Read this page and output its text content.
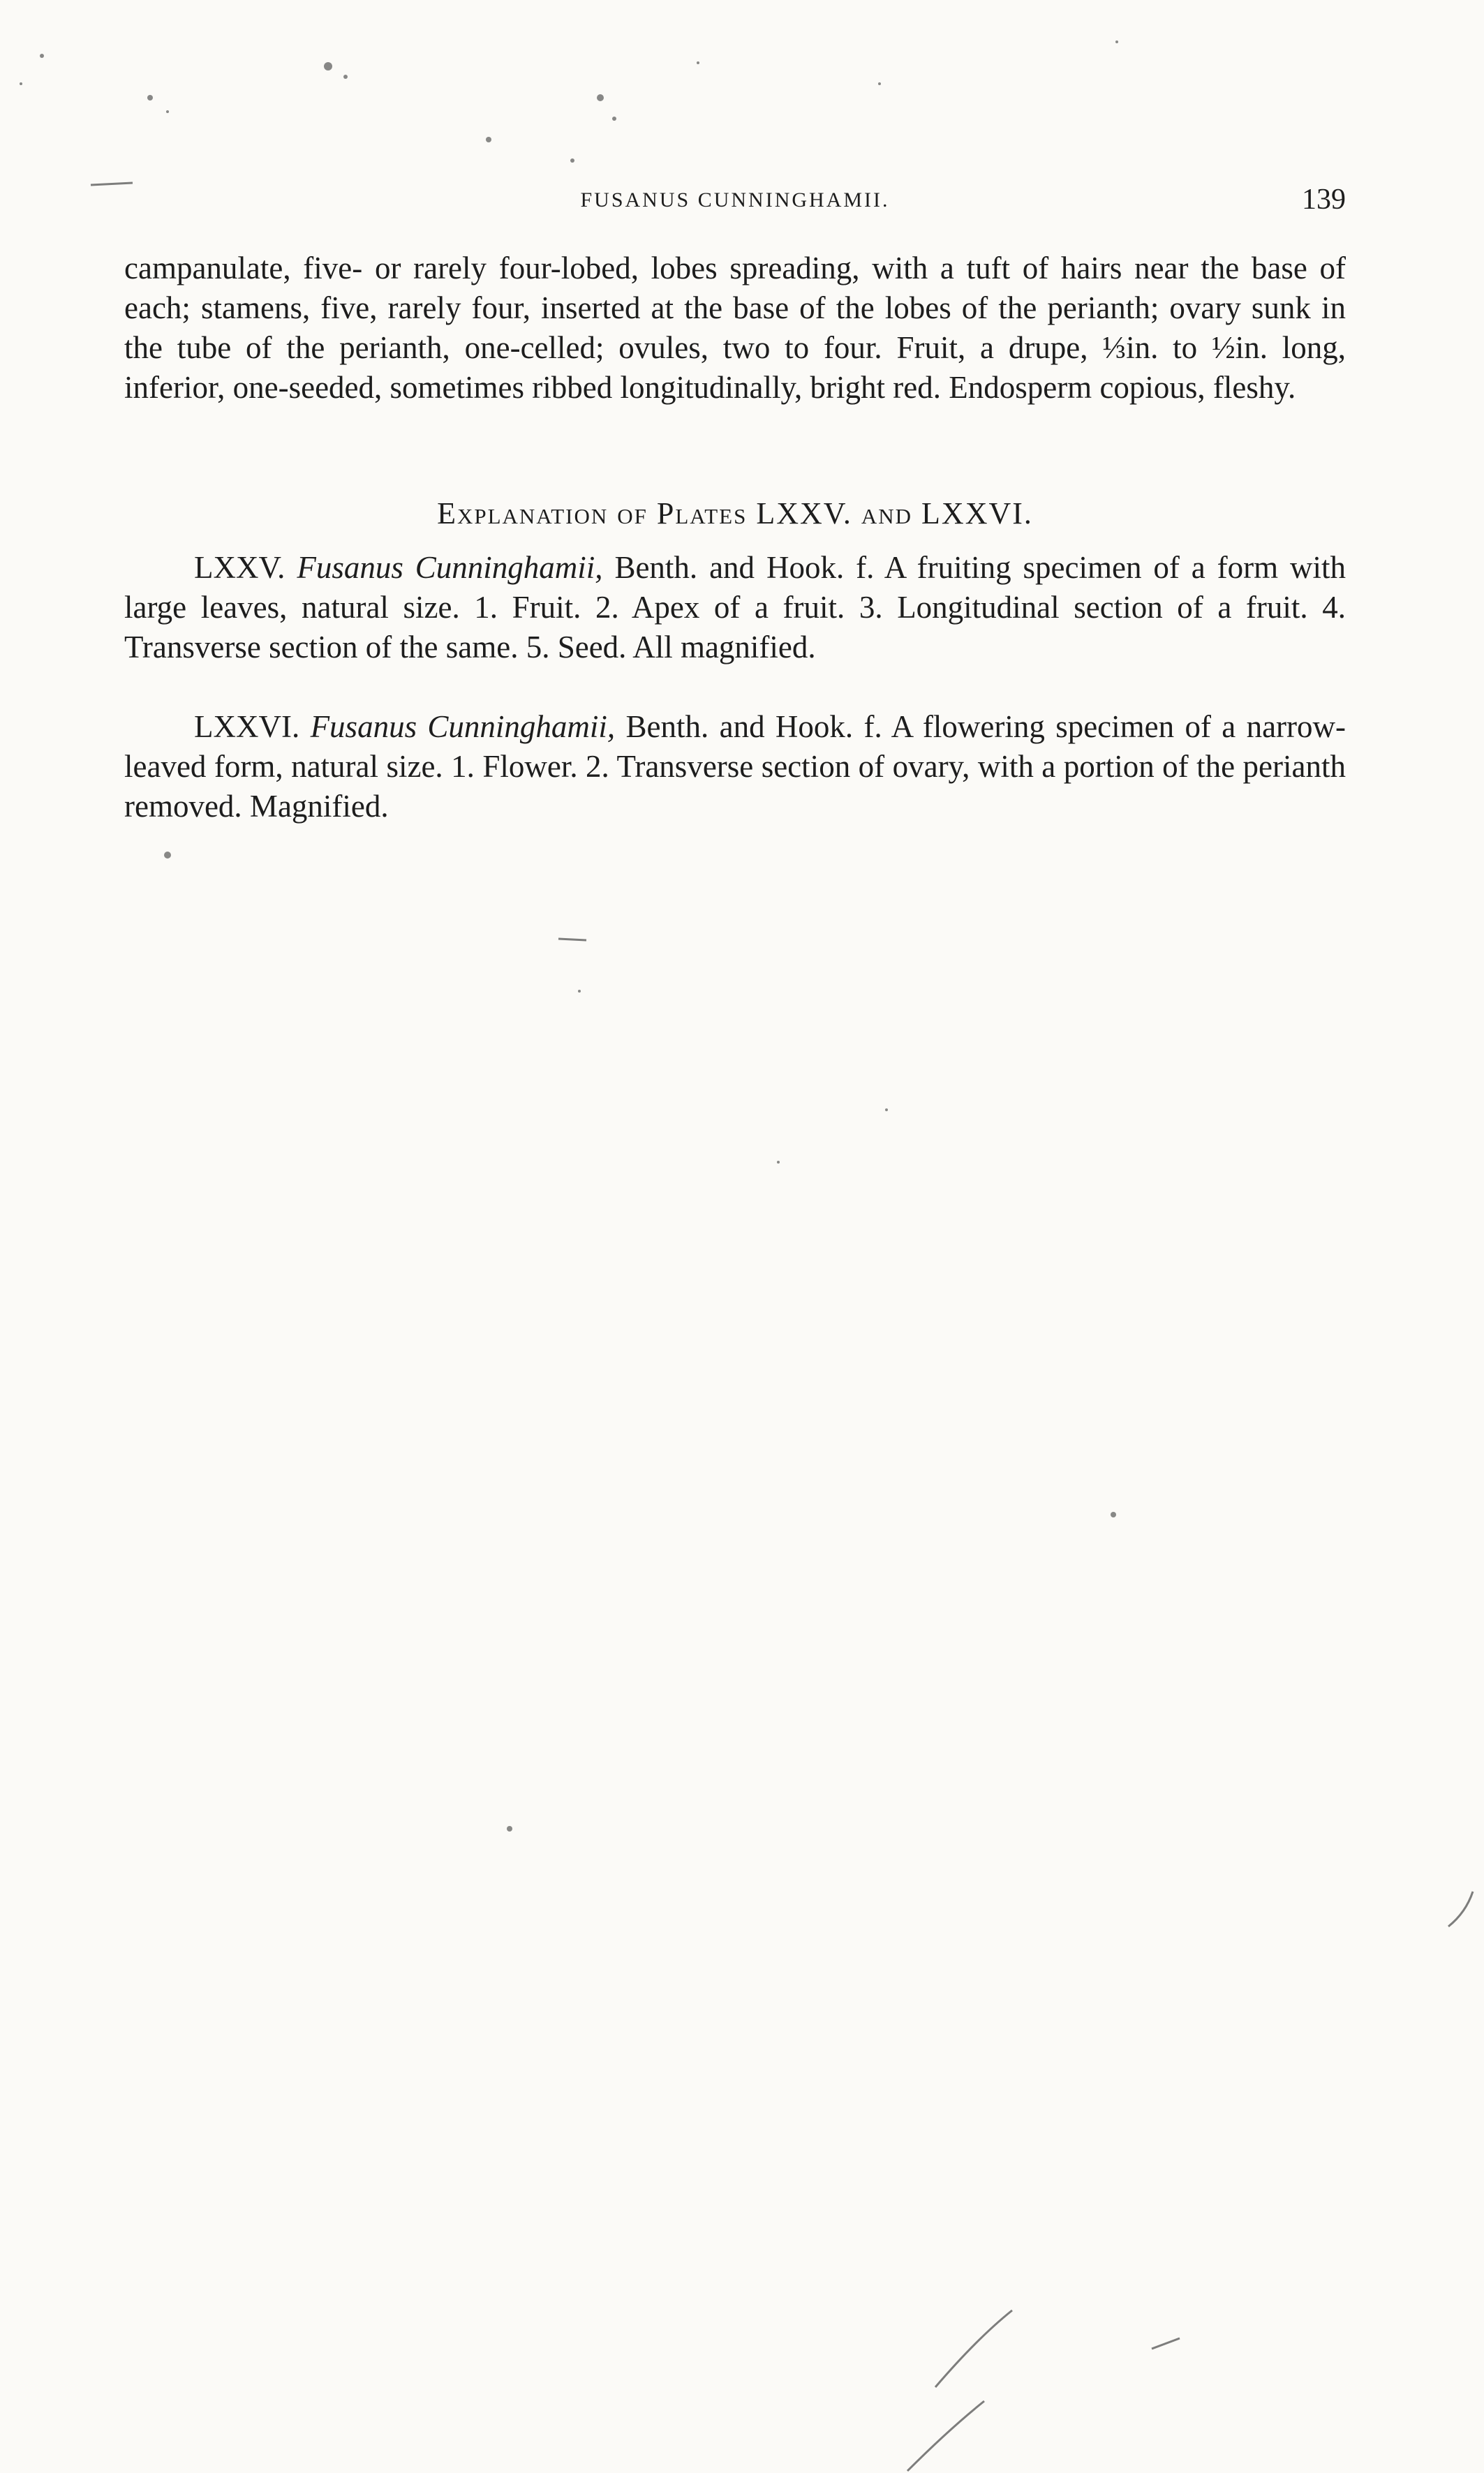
FUSANUS CUNNINGHAMII.	139

campanulate, five- or rarely four-lobed, lobes spreading, with a tuft of hairs near the base of each; stamens, five, rarely four, inserted at the base of the lobes of the perianth; ovary sunk in the tube of the perianth, one-celled; ovules, two to four. Fruit, a drupe, ⅓in. to ½in. long, inferior, one-seeded, sometimes ribbed longitudinally, bright red. Endosperm copious, fleshy.

Explanation of Plates LXXV. and LXXVI.

LXXV. Fusanus Cunninghamii, Benth. and Hook. f. A fruiting specimen of a form with large leaves, natural size. 1. Fruit. 2. Apex of a fruit. 3. Longitudinal section of a fruit. 4. Transverse section of the same. 5. Seed. All magnified.

LXXVI. Fusanus Cunninghamii, Benth. and Hook. f. A flowering specimen of a narrow-leaved form, natural size. 1. Flower. 2. Transverse section of ovary, with a portion of the perianth removed. Magnified.
